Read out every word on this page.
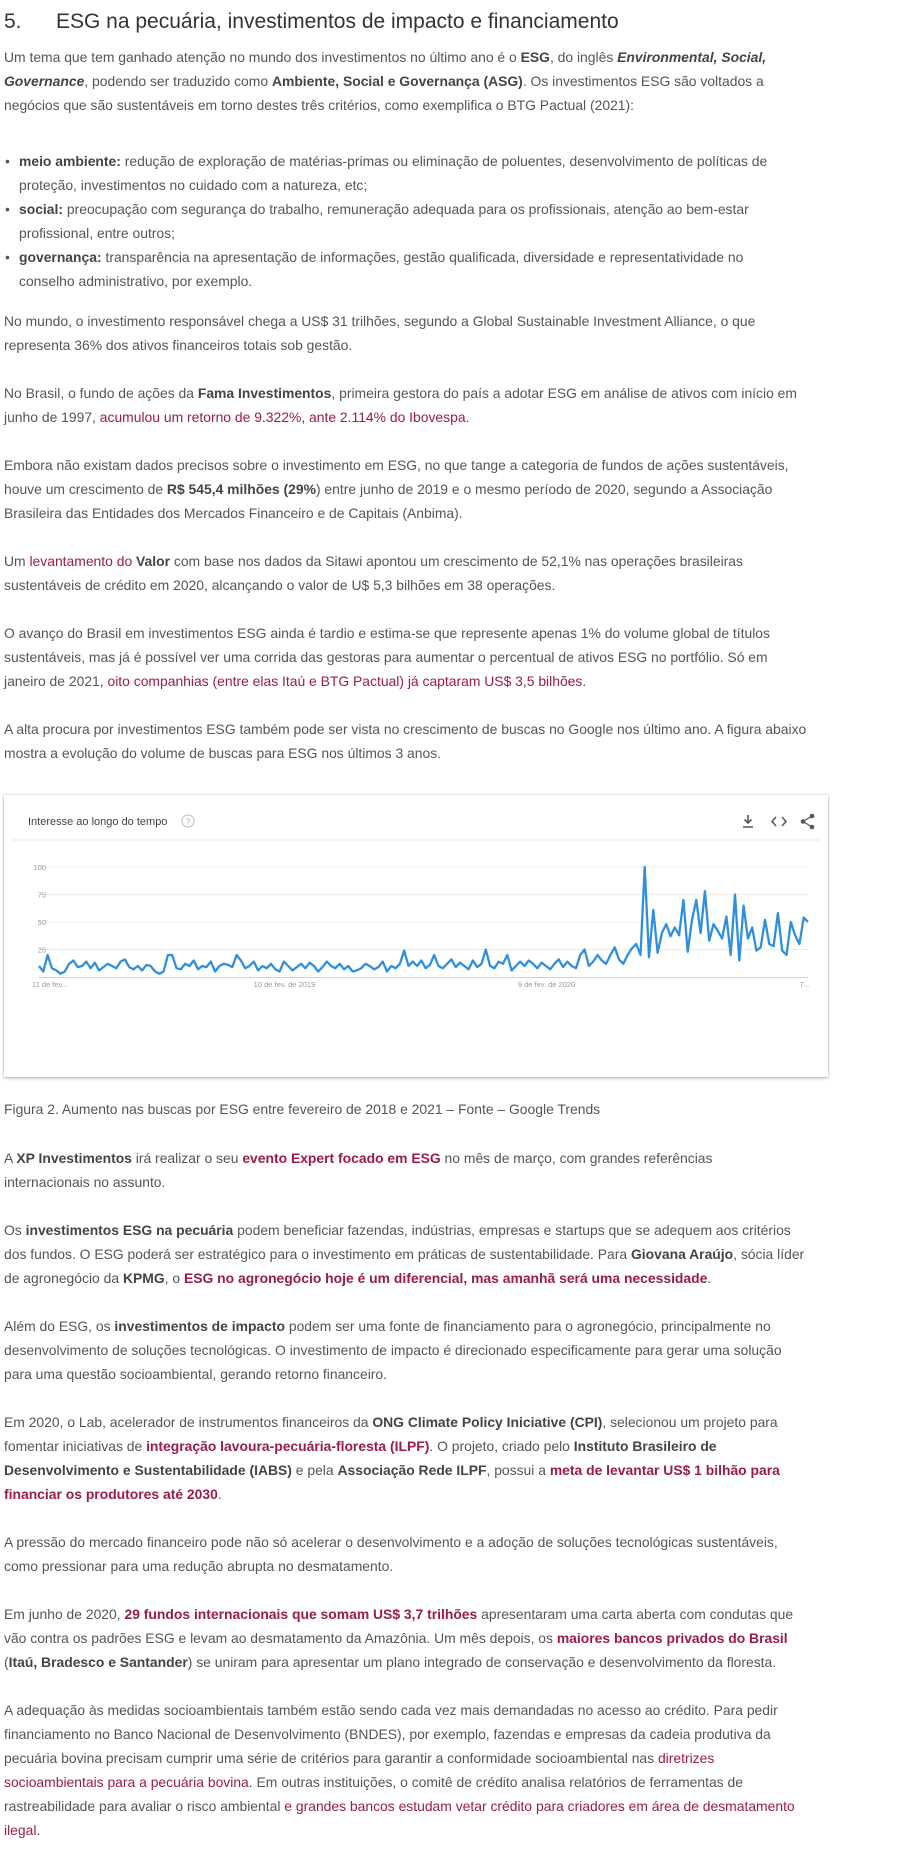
5. ESG na pecuária, investimentos de impacto e financiamento

Um tema que tem ganhado atenção no mundo dos investimentos no último ano é o ESG, do inglês Environmental, Social,
Governance, podendo ser traduzido como Ambiente, Social e Governança (ASG). Os investimentos ESG são voltados a
negócios que são sustentáveis em torno destes três critérios, como exemplifica o BTG Pactual (2021):

• meio ambiente: redução de exploração de matérias-primas ou eliminação de poluentes, desenvolvimento de políticas de
proteção, investimentos no cuidado com a natureza, etc;
• social: preocupação com segurança do trabalho, remuneração adequada para os profissionais, atenção ao bem-estar
profissional, entre outros;
• governança: transparência na apresentação de informações, gestão qualificada, diversidade e representatividade no
conselho administrativo, por exemplo.

No mundo, o investimento responsável chega a US$ 31 trilhões, segundo a Global Sustainable Investment Alliance, o que
representa 36% dos ativos financeiros totais sob gestão.

No Brasil, o fundo de ações da Fama Investimentos, primeira gestora do país a adotar ESG em análise de ativos com início em
junho de 1997, acumulou um retorno de 9.322%, ante 2.114% do Ibovespa.

Embora não existam dados precisos sobre o investimento em ESG, no que tange a categoria de fundos de ações sustentáveis,
houve um crescimento de R$ 545,4 milhões (29%) entre junho de 2019 e o mesmo período de 2020, segundo a Associação
Brasileira das Entidades dos Mercados Financeiro e de Capitais (Anbima).

Um levantamento do Valor com base nos dados da Sitawi apontou um crescimento de 52,1% nas operações brasileiras
sustentáveis de crédito em 2020, alcançando o valor de U$ 5,3 bilhões em 38 operações.

O avanço do Brasil em investimentos ESG ainda é tardio e estima-se que represente apenas 1% do volume global de títulos
sustentáveis, mas já é possível ver uma corrida das gestoras para aumentar o percentual de ativos ESG no portfólio. Só em
janeiro de 2021, oito companhias (entre elas Itaú e BTG Pactual) já captaram US$ 3,5 bilhões.

A alta procura por investimentos ESG também pode ser vista no crescimento de buscas no Google nos último ano. A figura abaixo
mostra a evolução do volume de buscas para ESG nos últimos 3 anos.

Interesse ao longo do tempo ?
25
50
75
100
11 de fev...	10 de fev. de 2019	9 de fev. de 2020	7...
Figura 2. Aumento nas buscas por ESG entre fevereiro de 2018 e 2021 – Fonte – Google Trends

A XP Investimentos irá realizar o seu evento Expert focado em ESG no mês de março, com grandes referências
internacionais no assunto.

Os investimentos ESG na pecuária podem beneficiar fazendas, indústrias, empresas e startups que se adequem aos critérios
dos fundos. O ESG poderá ser estratégico para o investimento em práticas de sustentabilidade. Para Giovana Araújo, sócia líder
de agronegócio da KPMG, o ESG no agronegócio hoje é um diferencial, mas amanhã será uma necessidade.

Além do ESG, os investimentos de impacto podem ser uma fonte de financiamento para o agronegócio, principalmente no
desenvolvimento de soluções tecnológicas. O investimento de impacto é direcionado especificamente para gerar uma solução
para uma questão socioambiental, gerando retorno financeiro.

Em 2020, o Lab, acelerador de instrumentos financeiros da ONG Climate Policy Iniciative (CPI), selecionou um projeto para
fomentar iniciativas de integração lavoura-pecuária-floresta (ILPF). O projeto, criado pelo Instituto Brasileiro de
Desenvolvimento e Sustentabilidade (IABS) e pela Associação Rede ILPF, possui a meta de levantar US$ 1 bilhão para
financiar os produtores até 2030.

A pressão do mercado financeiro pode não só acelerar o desenvolvimento e a adoção de soluções tecnológicas sustentáveis,
como pressionar para uma redução abrupta no desmatamento.

Em junho de 2020, 29 fundos internacionais que somam US$ 3,7 trilhões apresentaram uma carta aberta com condutas que
vão contra os padrões ESG e levam ao desmatamento da Amazônia. Um mês depois, os maiores bancos privados do Brasil
(Itaú, Bradesco e Santander) se uniram para apresentar um plano integrado de conservação e desenvolvimento da floresta.

A adequação às medidas socioambientais também estão sendo cada vez mais demandadas no acesso ao crédito. Para pedir
financiamento no Banco Nacional de Desenvolvimento (BNDES), por exemplo, fazendas e empresas da cadeia produtiva da
pecuária bovina precisam cumprir uma série de critérios para garantir a conformidade socioambiental nas diretrizes
socioambientais para a pecuária bovina. Em outras instituições, o comitê de crédito analisa relatórios de ferramentas de
rastreabilidade para avaliar o risco ambiental e grandes bancos estudam vetar crédito para criadores em área de desmatamento
ilegal.
